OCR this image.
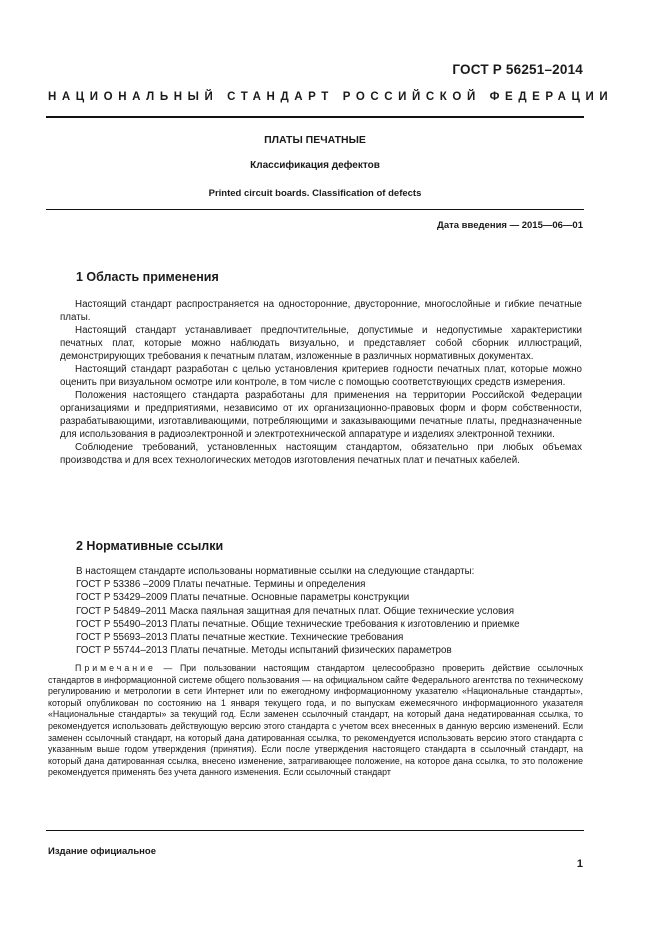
ГОСТ Р 56251–2014
НАЦИОНАЛЬНЫЙ СТАНДАРТ РОССИЙСКОЙ ФЕДЕРАЦИИ
ПЛАТЫ ПЕЧАТНЫЕ
Классификация дефектов
Printed circuit boards. Classification of defects
Дата введения — 2015—06—01
1 Область применения

Настоящий стандарт распространяется на односторонние, двусторонние, многослойные и гибкие печатные платы.

Настоящий стандарт устанавливает предпочтительные, допустимые и недопустимые характеристики печатных плат, которые можно наблюдать визуально, и представляет собой сборник иллюстраций, демонстрирующих требования к печатным платам, изложенные в различных нормативных документах.

Настоящий стандарт разработан с целью установления критериев годности печатных плат, которые можно оценить при визуальном осмотре или контроле, в том числе с помощью соответствующих средств измерения.

Положения настоящего стандарта разработаны для применения на территории Российской Федерации организациями и предприятиями, независимо от их организационно-правовых форм и форм собственности, разрабатывающими, изготавливающими, потребляющими и заказывающими печатные платы, предназначенные для использования в радиоэлектронной и электротехнической аппаратуре и изделиях электронной техники.

Соблюдение требований, установленных настоящим стандартом, обязательно при любых объемах производства и для всех технологических методов изготовления печатных плат и печатных кабелей.

2 Нормативные ссылки
В настоящем стандарте использованы нормативные ссылки на следующие стандарты:
ГОСТ Р 53386 –2009 Платы печатные. Термины и определения
ГОСТ Р 53429–2009 Платы печатные. Основные параметры конструкции
ГОСТ Р 54849–2011 Маска паяльная защитная для печатных плат. Общие технические условия
ГОСТ Р 55490–2013 Платы печатные. Общие технические требования к изготовлению и приемке
ГОСТ Р 55693–2013 Платы печатные жесткие. Технические требования
ГОСТ Р 55744–2013 Платы печатные. Методы испытаний физических параметров
Примечание — При пользовании настоящим стандартом целесообразно проверить действие ссылочных стандартов в информационной системе общего пользования — на официальном сайте Федерального агентства по техническому регулированию и метрологии в сети Интернет или по ежегодному информационному указателю «Национальные стандарты», который опубликован по состоянию на 1 января текущего года, и по выпускам ежемесячного информационного указателя «Национальные стандарты» за текущий год. Если заменен ссылочный стандарт, на который дана недатированная ссылка, то рекомендуется использовать действующую версию этого стандарта с учетом всех внесенных в данную версию изменений. Если заменен ссылочный стандарт, на который дана датированная ссылка, то рекомендуется использовать версию этого стандарта с указанным выше годом утверждения (принятия). Если после утверждения настоящего стандарта в ссылочный стандарт, на который дана датированная ссылка, внесено изменение, затрагивающее положение, на которое дана ссылка, то это положение рекомендуется применять без учета данного изменения. Если ссылочный стандарт
Издание официальное
1
